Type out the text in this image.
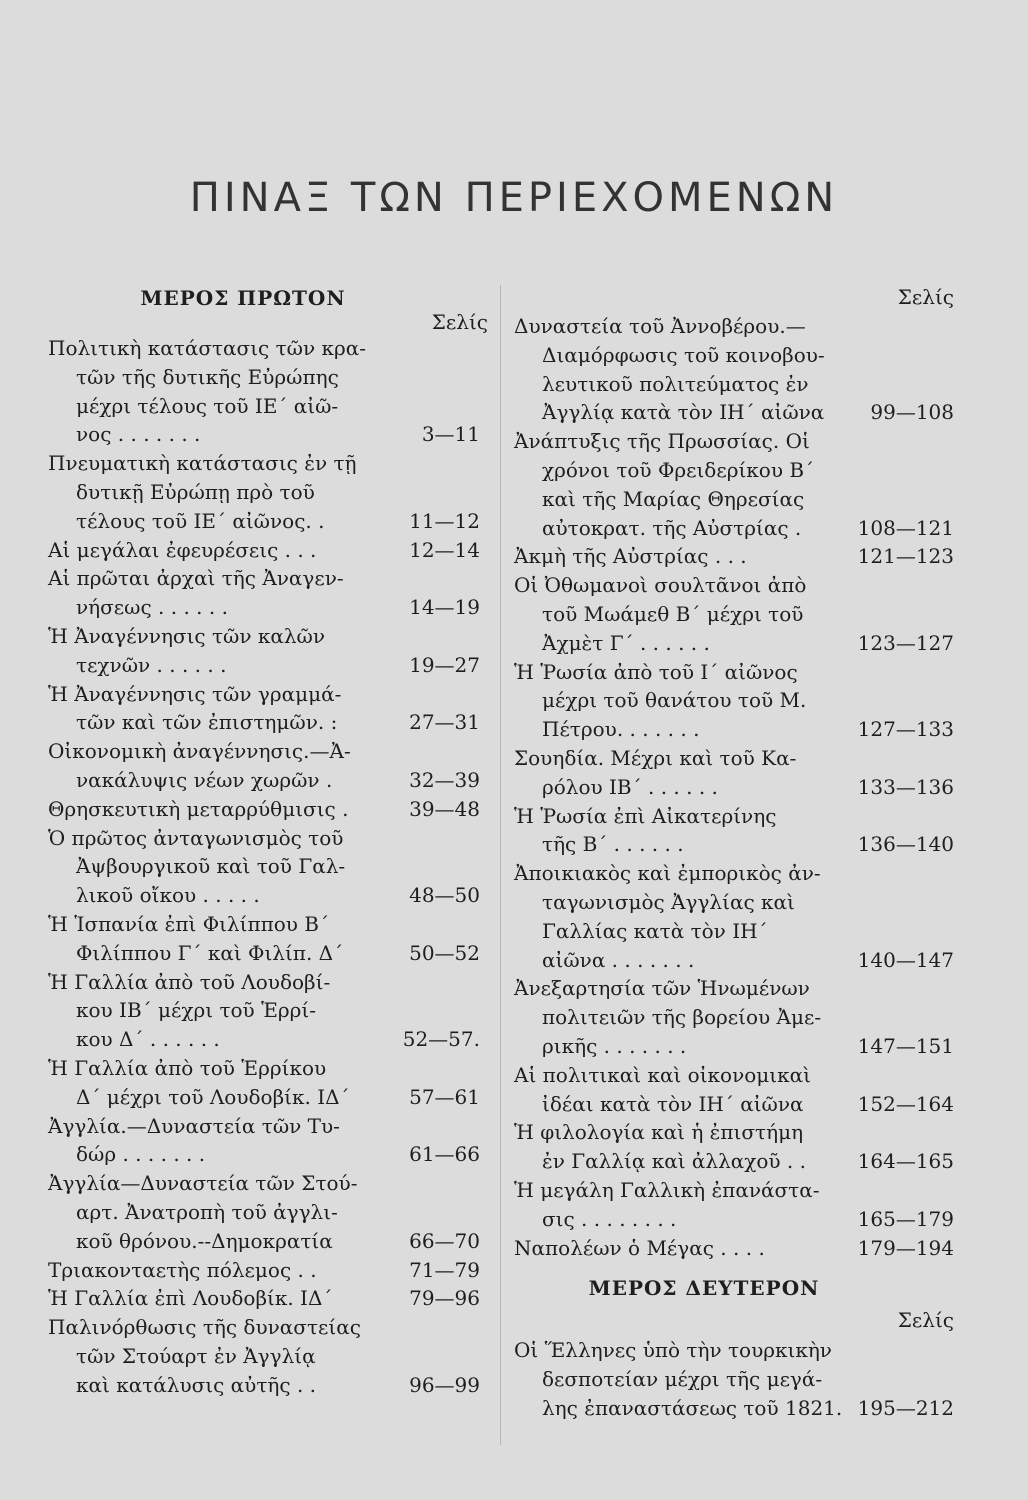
ΠΙΝΑΞ ΤΩΝ ΠΕΡΙΕΧΟΜΕΝΩΝ
ΜΕΡΟΣ ΠΡΩΤΟΝ
Σελίς
Πολιτικὴ κατάστασις τῶν κρα-
τῶν τῆς δυτικῆς Εὐρώπης
μέχρι τέλους τοῦ ΙΕ΄ αἰῶ-
νος . . . . . . .	3—11
Πνευματικὴ κατάστασις ἐν τῇ
δυτικῇ Εὐρώπῃ πρὸ τοῦ
τέλους τοῦ ΙΕ΄ αἰῶνος. .	11—12
Αἱ μεγάλαι ἐφευρέσεις . . .	12—14
Αἱ πρῶται ἀρχαὶ τῆς Ἀναγεν-
νήσεως . . . . . .	14—19
Ἡ Ἀναγέννησις τῶν καλῶν
τεχνῶν . . . . . .	19—27
Ἡ Ἀναγέννησις τῶν γραμμά-
τῶν καὶ τῶν ἐπιστημῶν. :	27—31
Οἰκονομικὴ ἀναγέννησις.—Ἀ-
νακάλυψις νέων χωρῶν .	32—39
Θρησκευτικὴ μεταρρύθμισις .	39—48
Ὁ πρῶτος ἀνταγωνισμὸς τοῦ
Ἀψβουργικοῦ καὶ τοῦ Γαλ-
λικοῦ οἴκου . . . . .	48—50
Ἡ Ἱσπανία ἐπὶ Φιλίππου Β΄
Φιλίππου Γ΄ καὶ Φιλίπ. Δ΄	50—52
Ἡ Γαλλία ἀπὸ τοῦ Λουδοβί-
κου ΙΒ΄ μέχρι τοῦ Ἑρρί-
κου Δ΄ . . . . . .	52—57.
Ἡ Γαλλία ἀπὸ τοῦ Ἑρρίκου
Δ΄ μέχρι τοῦ Λουδοβίκ. ΙΔ΄	57—61
Ἀγγλία.—Δυναστεία τῶν Τυ-
δώρ . . . . . . .	61—66
Ἀγγλία—Δυναστεία τῶν Στού-
αρτ. Ἀνατροπὴ τοῦ ἀγγλι-
κοῦ θρόνου.--Δημοκρατία	66—70
Τριακονταετὴς πόλεμος . .	71—79
Ἡ Γαλλία ἐπὶ Λουδοβίκ. ΙΔ΄	79—96
Παλινόρθωσις τῆς δυναστείας
τῶν Στούαρτ ἐν Ἀγγλίᾳ
καὶ κατάλυσις αὐτῆς . .	96—99
Σελίς
Δυναστεία τοῦ Ἀννοβέρου.—
Διαμόρφωσις τοῦ κοινοβου-
λευτικοῦ πολιτεύματος ἐν
Ἀγγλίᾳ κατὰ τὸν ΙΗ΄ αἰῶνα	99—108
Ἀνάπτυξις τῆς Πρωσσίας. Οἱ
χρόνοι τοῦ Φρειδερίκου Β΄
καὶ τῆς Μαρίας Θηρεσίας
αὐτοκρατ. τῆς Αὐστρίας .	108—121
Ἀκμὴ τῆς Αὐστρίας . . .	121—123
Οἱ Ὀθωμανοὶ σουλτᾶνοι ἀπὸ
τοῦ Μωάμεθ Β΄ μέχρι τοῦ
Ἀχμὲτ Γ΄ . . . . . .	123—127
Ἡ Ῥωσία ἀπὸ τοῦ Ι΄ αἰῶνος
μέχρι τοῦ θανάτου τοῦ Μ.
Πέτρου. . . . . . .	127—133
Σουηδία. Μέχρι καὶ τοῦ Κα-
ρόλου ΙΒ΄ . . . . . .	133—136
Ἡ Ῥωσία ἐπὶ Αἰκατερίνης
τῆς Β΄ . . . . . .	136—140
Ἀποικιακὸς καὶ ἐμπορικὸς ἀν-
ταγωνισμὸς Ἀγγλίας καὶ
Γαλλίας κατὰ τὸν ΙΗ΄
αἰῶνα . . . . . . .	140—147
Ἀνεξαρτησία τῶν Ἡνωμένων
πολιτειῶν τῆς βορείου Ἀμε-
ρικῆς . . . . . . .	147—151
Αἱ πολιτικαὶ καὶ οἰκονομικαὶ
ἰδέαι κατὰ τὸν ΙΗ΄ αἰῶνα	152—164
Ἡ φιλολογία καὶ ἡ ἐπιστήμη
ἐν Γαλλίᾳ καὶ ἀλλαχοῦ . .	164—165
Ἡ μεγάλη Γαλλικὴ ἐπανάστα-
σις . . . . . . . .	165—179
Ναπολέων ὁ Μέγας . . . .	179—194
ΜΕΡΟΣ ΔΕΥΤΕΡΟΝ
Σελίς
Οἱ Ἕλληνες ὑπὸ τὴν τουρκικὴν
δεσποτείαν μέχρι τῆς μεγά-
λης ἐπαναστάσεως τοῦ 1821. 195—212
